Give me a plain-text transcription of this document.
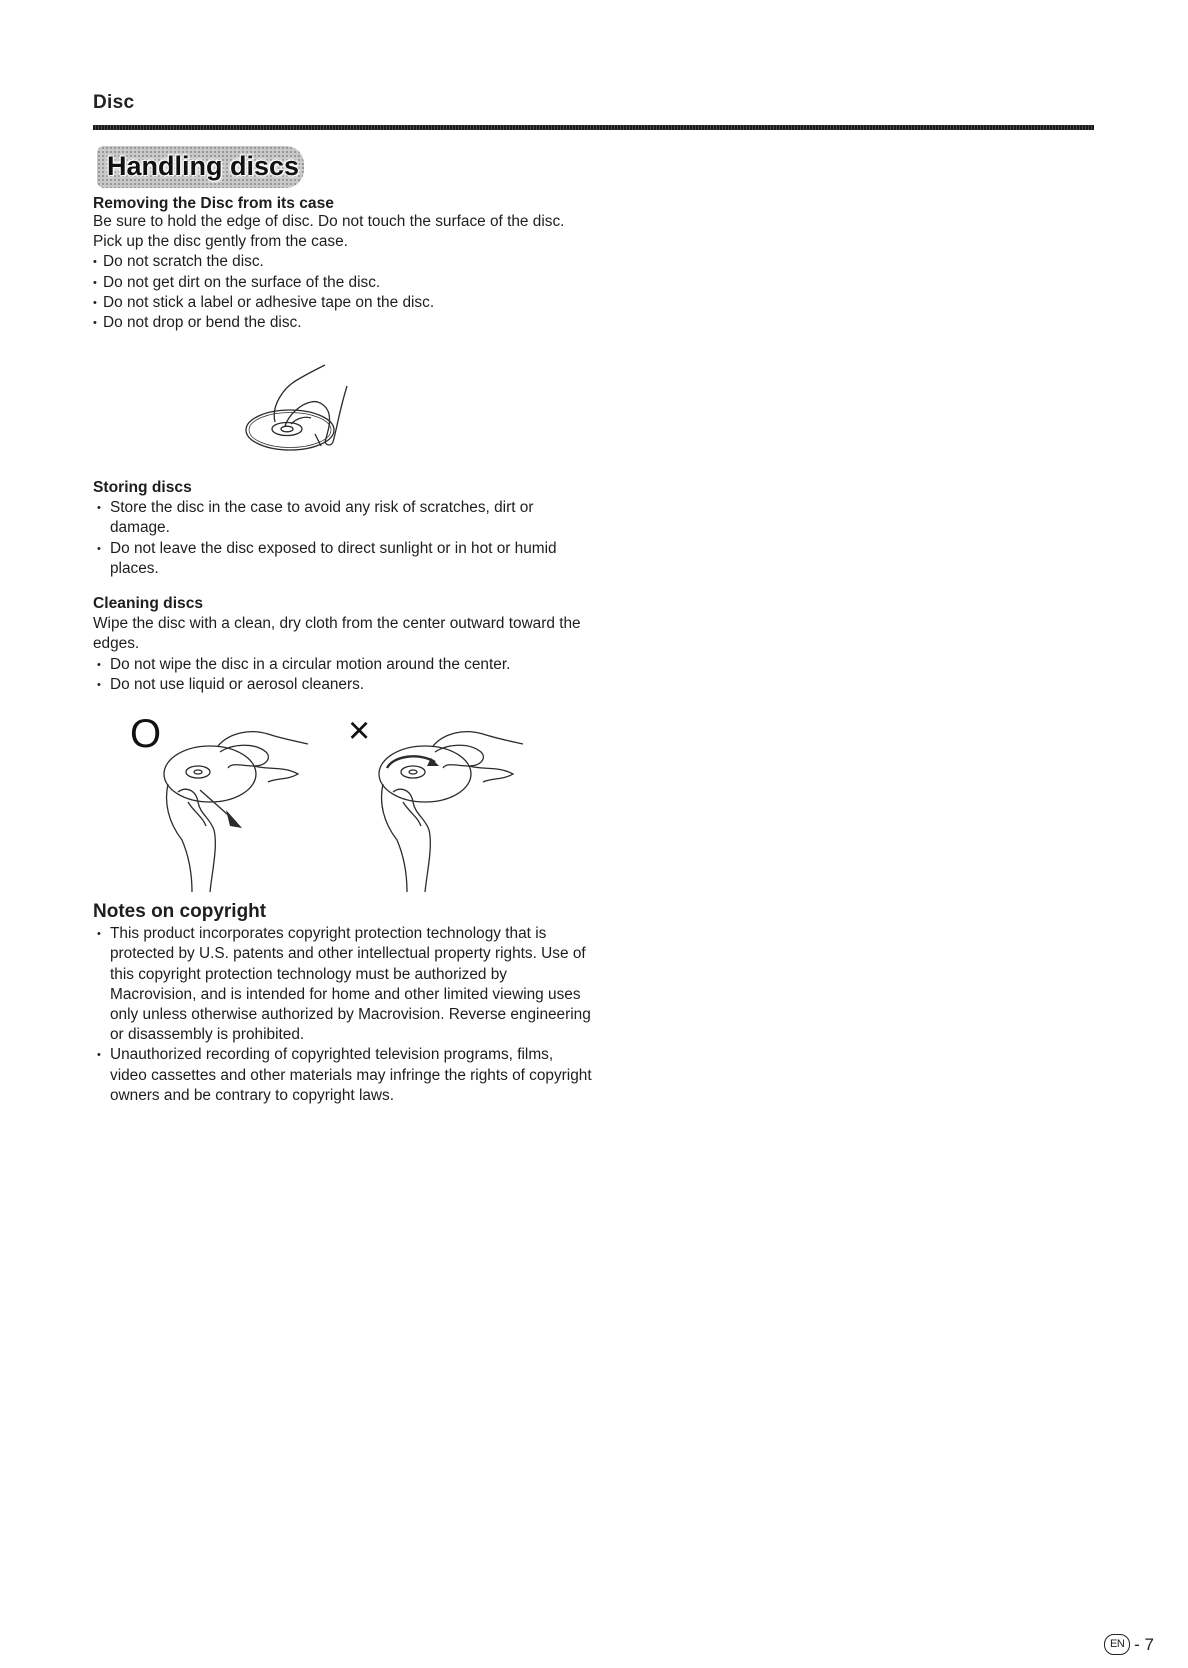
Disc
Handling discs
Removing the Disc from its case

Be sure to hold the edge of disc. Do not touch the surface of the disc.

Pick up the disc gently from the case.

• Do not scratch the disc.
• Do not get dirt on the surface of the disc.
• Do not stick a label or adhesive tape on the disc.
• Do not drop or bend the disc.
Storing discs
• Store the disc in the case to avoid any risk of scratches, dirt or damage.
• Do not leave the disc exposed to direct sunlight or in hot or humid places.
Cleaning discs

Wipe the disc with a clean, dry cloth from the center outward toward the edges.

• Do not wipe the disc in a circular motion around the center.
• Do not use liquid or aerosol cleaners.
O	×
Notes on copyright
• This product incorporates copyright protection technology that is protected by U.S. patents and other intellectual property rights. Use of this copyright protection technology must be authorized by Macrovision, and is intended for home and other limited viewing uses only unless otherwise authorized by Macrovision. Reverse engineering or disassembly is prohibited.
• Unauthorized recording of copyrighted television programs, films, video cassettes and other materials may infringe the rights of copyright owners and be contrary to copyright laws.
EN - 7
